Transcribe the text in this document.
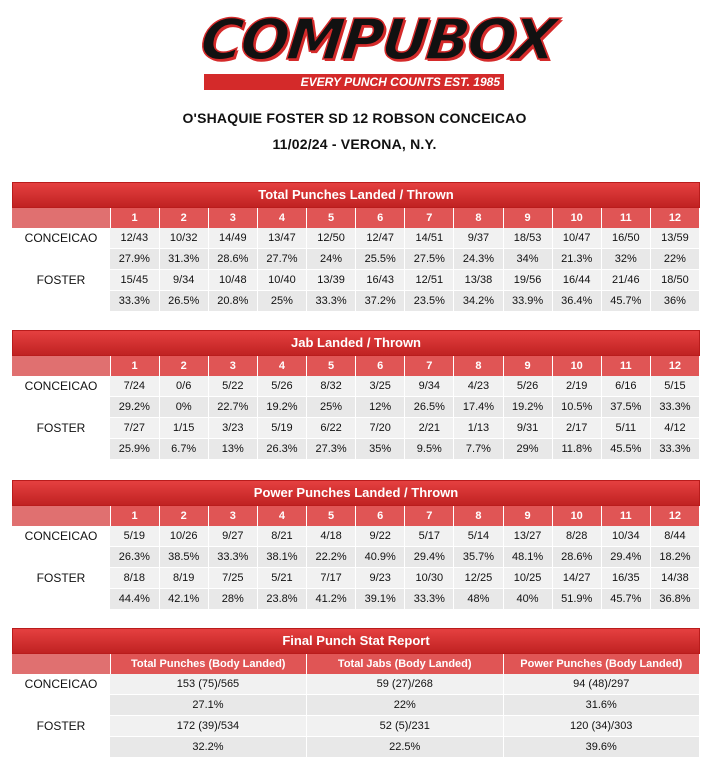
COMPUBOX
EVERY PUNCH COUNTS EST. 1985
O'SHAQUIE FOSTER SD 12 ROBSON CONCEICAO
11/02/24 - VERONA, N.Y.
Total Punches Landed / Thrown
	1	2	3	4	5	6	7	8	9	10	11	12
CONCEICAO	12/43	10/32	14/49	13/47	12/50	12/47	14/51	9/37	18/53	10/47	16/50	13/59
	27.9%	31.3%	28.6%	27.7%	24%	25.5%	27.5%	24.3%	34%	21.3%	32%	22%
FOSTER	15/45	9/34	10/48	10/40	13/39	16/43	12/51	13/38	19/56	16/44	21/46	18/50
	33.3%	26.5%	20.8%	25%	33.3%	37.2%	23.5%	34.2%	33.9%	36.4%	45.7%	36%
Jab Landed / Thrown
	1	2	3	4	5	6	7	8	9	10	11	12
CONCEICAO	7/24	0/6	5/22	5/26	8/32	3/25	9/34	4/23	5/26	2/19	6/16	5/15
	29.2%	0%	22.7%	19.2%	25%	12%	26.5%	17.4%	19.2%	10.5%	37.5%	33.3%
FOSTER	7/27	1/15	3/23	5/19	6/22	7/20	2/21	1/13	9/31	2/17	5/11	4/12
	25.9%	6.7%	13%	26.3%	27.3%	35%	9.5%	7.7%	29%	11.8%	45.5%	33.3%
Power Punches Landed / Thrown
	1	2	3	4	5	6	7	8	9	10	11	12
CONCEICAO	5/19	10/26	9/27	8/21	4/18	9/22	5/17	5/14	13/27	8/28	10/34	8/44
	26.3%	38.5%	33.3%	38.1%	22.2%	40.9%	29.4%	35.7%	48.1%	28.6%	29.4%	18.2%
FOSTER	8/18	8/19	7/25	5/21	7/17	9/23	10/30	12/25	10/25	14/27	16/35	14/38
	44.4%	42.1%	28%	23.8%	41.2%	39.1%	33.3%	48%	40%	51.9%	45.7%	36.8%
Final Punch Stat Report
	Total Punches (Body Landed)	Total Jabs (Body Landed)	Power Punches (Body Landed)
CONCEICAO	153 (75)/565	59 (27)/268	94 (48)/297
	27.1%	22%	31.6%
FOSTER	172 (39)/534	52 (5)/231	120 (34)/303
	32.2%	22.5%	39.6%
